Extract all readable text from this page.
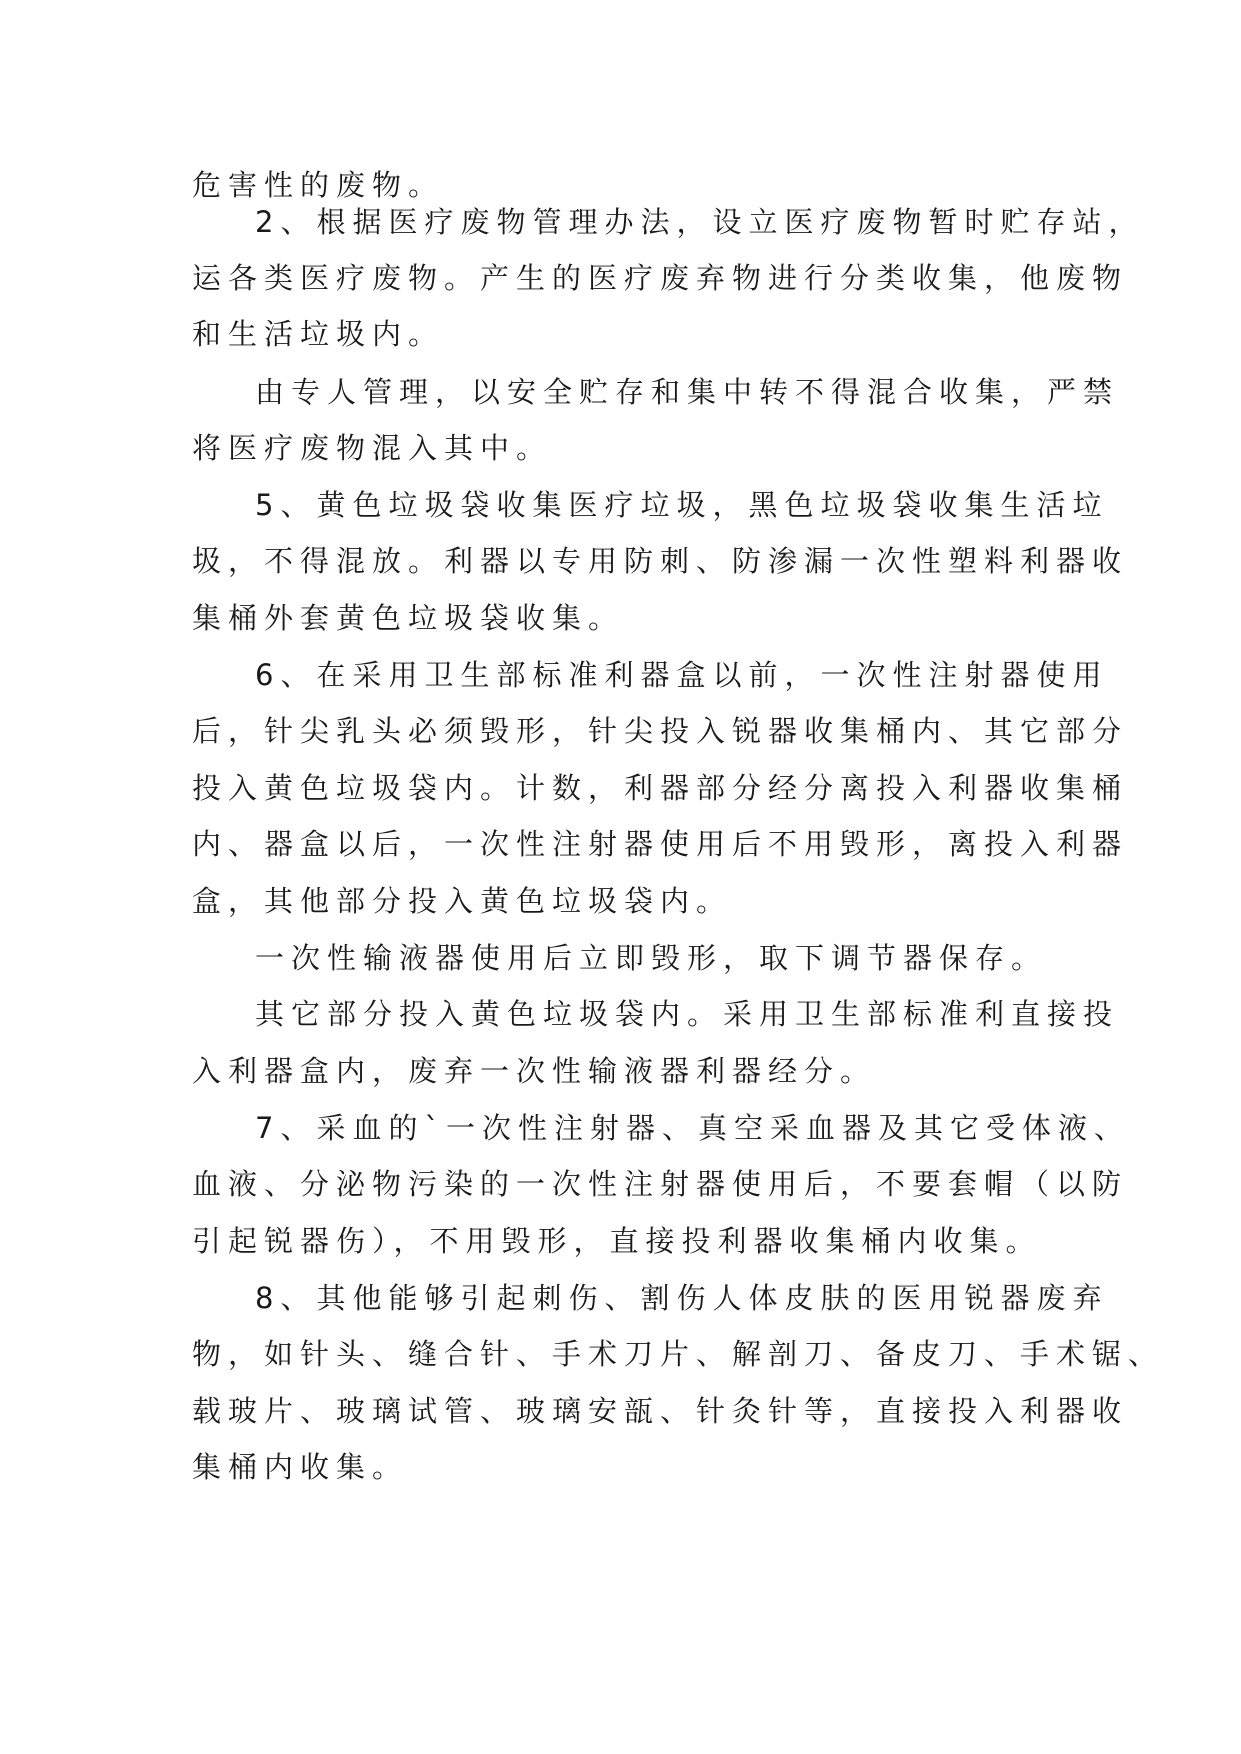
危害性的废物。
2、根据医疗废物管理办法，设立医疗废物暂时贮存站，
运各类医疗废物。产生的医疗废弃物进行分类收集，他废物
和生活垃圾内。
由专人管理，以安全贮存和集中转不得混合收集，严禁
将医疗废物混入其中。
5、黄色垃圾袋收集医疗垃圾，黑色垃圾袋收集生活垃
圾，不得混放。利器以专用防刺、防渗漏一次性塑料利器收
集桶外套黄色垃圾袋收集。
6、在采用卫生部标准利器盒以前，一次性注射器使用
后，针尖乳头必须毁形，针尖投入锐器收集桶内、其它部分
投入黄色垃圾袋内。计数，利器部分经分离投入利器收集桶
内、器盒以后，一次性注射器使用后不用毁形，离投入利器
盒，其他部分投入黄色垃圾袋内。
一次性输液器使用后立即毁形，取下调节器保存。
其它部分投入黄色垃圾袋内。采用卫生部标准利直接投
入利器盒内，废弃一次性输液器利器经分。
7、采血的`一次性注射器、真空采血器及其它受体液、
血液、分泌物污染的一次性注射器使用后，不要套帽（以防
引起锐器伤），不用毁形，直接投利器收集桶内收集。
8、其他能够引起刺伤、割伤人体皮肤的医用锐器废弃
物，如针头、缝合针、手术刀片、解剖刀、备皮刀、手术锯、
载玻片、玻璃试管、玻璃安瓿、针灸针等，直接投入利器收
集桶内收集。
